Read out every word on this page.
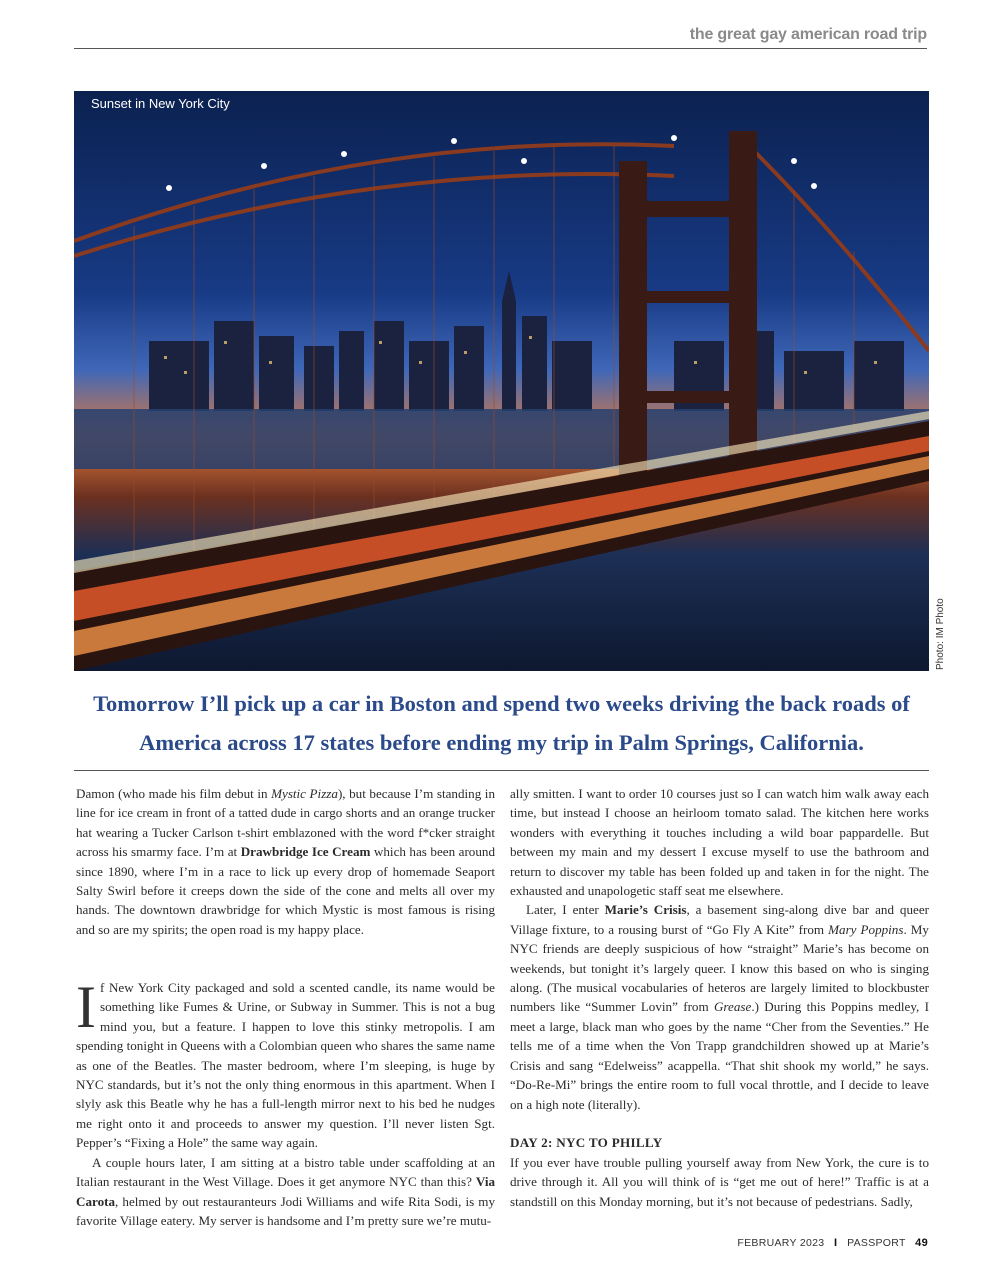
the great gay american road trip
Sunset in New York City
Photo: IM Photo
Tomorrow I’ll pick up a car in Boston and spend two weeks driving the back roads of America across 17 states before ending my trip in Palm Springs, California.

Damon (who made his film debut in Mystic Pizza), but because I’m standing in line for ice cream in front of a tatted dude in cargo shorts and an orange trucker hat wearing a Tucker Carlson t-shirt emblazoned with the word f*cker straight across his smarmy face. I’m at Drawbridge Ice Cream which has been around since 1890, where I’m in a race to lick up every drop of homemade Seaport Salty Swirl before it creeps down the side of the cone and melts all over my hands. The downtown drawbridge for which Mystic is most famous is rising and so are my spirits; the open road is my happy place.

If New York City packaged and sold a scented candle, its name would be something like Fumes & Urine, or Subway in Summer. This is not a bug mind you, but a feature. I happen to love this stinky metropolis. I am spending tonight in Queens with a Colombian queen who shares the same name as one of the Beatles. The master bedroom, where I’m sleeping, is huge by NYC standards, but it’s not the only thing enormous in this apartment. When I slyly ask this Beatle why he has a full-length mirror next to his bed he nudges me right onto it and proceeds to answer my question. I’ll never listen Sgt. Pepper’s “Fixing a Hole” the same way again.

A couple hours later, I am sitting at a bistro table under scaffolding at an Italian restaurant in the West Village. Does it get anymore NYC than this? Via Carota, helmed by out restauranteurs Jodi Williams and wife Rita Sodi, is my favorite Village eatery. My server is handsome and I’m pretty sure we’re mutu-

ally smitten. I want to order 10 courses just so I can watch him walk away each time, but instead I choose an heirloom tomato salad. The kitchen here works wonders with everything it touches including a wild boar pappardelle. But between my main and my dessert I excuse myself to use the bathroom and return to discover my table has been folded up and taken in for the night. The exhausted and unapologetic staff seat me elsewhere.

Later, I enter Marie’s Crisis, a basement sing-along dive bar and queer Village fixture, to a rousing burst of “Go Fly A Kite” from Mary Poppins. My NYC friends are deeply suspicious of how “straight” Marie’s has become on weekends, but tonight it’s largely queer. I know this based on who is singing along. (The musical vocabularies of heteros are largely limited to blockbuster numbers like “Summer Lovin” from Grease.) During this Poppins medley, I meet a large, black man who goes by the name “Cher from the Seventies.” He tells me of a time when the Von Trapp grandchildren showed up at Marie’s Crisis and sang “Edelweiss” acappella. “That shit shook my world,” he says. “Do-Re-Mi” brings the entire room to full vocal throttle, and I decide to leave on a high note (literally).

DAY 2: NYC TO PHILLY

If you ever have trouble pulling yourself away from New York, the cure is to drive through it. All you will think of is “get me out of here!” Traffic is at a standstill on this Monday morning, but it’s not because of pedestrians. Sadly,

FEBRUARY 2023 I PASSPORT 49
